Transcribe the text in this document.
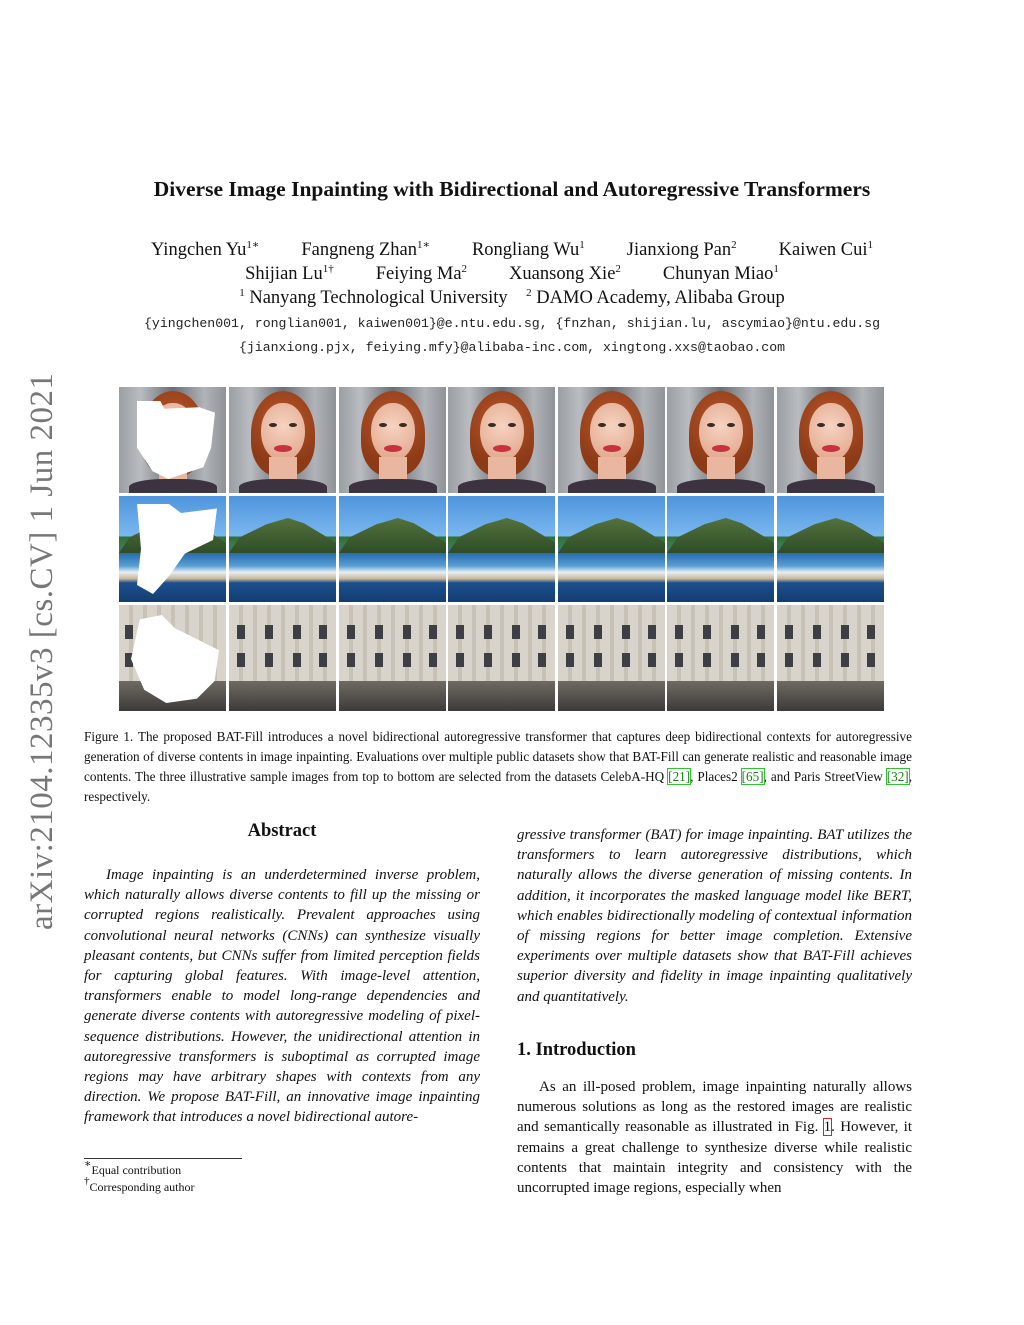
arXiv:2104.12335v3 [cs.CV] 1 Jun 2021
Diverse Image Inpainting with Bidirectional and Autoregressive Transformers
Yingchen $Yu^{1∗}$ Fangneng Zhan$^{1∗}$ Rongliang Wu$^1$ Jianxiong Pan$^2$ Kaiwen Cui$^1$
Shijian $Lu^{1\dagger}$ Feiying Ma$^2$ Xuansong Xie$^2$ Chunyan Miao$^1$
$^1$ Nanyang Technological University $^2$ DAMO Academy, Alibaba Group
{yingchen001, ronglian001, kaiwen001}@e.ntu.edu.sg, {fnzhan, shijian.lu, ascymiao}@ntu.edu.sg
{jianxiong.pjx, feiying.mfy}@alibaba-inc.com, xingtong.xxs@taobao.com
Figure 1. The proposed BAT-Fill introduces a novel bidirectional autoregressive transformer that captures deep bidirectional contexts for autoregressive generation of diverse contents in image inpainting. Evaluations over multiple public datasets show that BAT-Fill can generate realistic and reasonable image contents. The three illustrative sample images from top to bottom are selected from the datasets CelebA-HQ [21], Places2 [65], and Paris StreetView [32], respectively.
Abstract
Image inpainting is an underdetermined inverse problem, which naturally allows diverse contents to fill up the missing or corrupted regions realistically. Prevalent approaches using convolutional neural networks (CNNs) can synthesize visually pleasant contents, but CNNs suffer from limited perception fields for capturing global features. With image-level attention, transformers enable to model long-range dependencies and generate diverse contents with autoregressive modeling of pixel-sequence distributions. However, the unidirectional attention in autoregressive transformers is suboptimal as corrupted image regions may have arbitrary shapes with contexts from any direction. We propose BAT-Fill, an innovative image inpainting framework that introduces a novel bidirectional autore-
gressive transformer (BAT) for image inpainting. BAT utilizes the transformers to learn autoregressive distributions, which naturally allows the diverse generation of missing contents. In addition, it incorporates the masked language model like BERT, which enables bidirectionally modeling of contextual information of missing regions for better image completion. Extensive experiments over multiple datasets show that BAT-Fill achieves superior diversity and fidelity in image inpainting qualitatively and quantitatively.
1. Introduction
As an ill-posed problem, image inpainting naturally allows numerous solutions as long as the restored images are realistic and semantically reasonable as illustrated in Fig. 1. However, it remains a great challenge to synthesize diverse while realistic contents that maintain integrity and consistency with the uncorrupted image regions, especially when
∗Equal contribution
†Corresponding author
